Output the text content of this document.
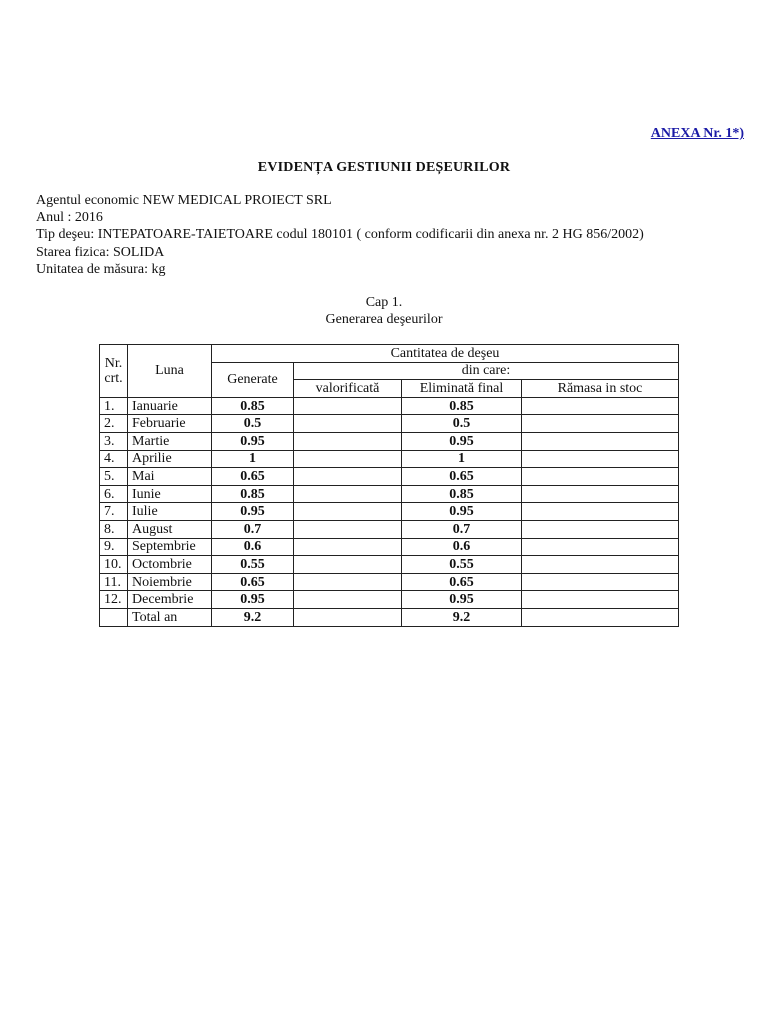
ANEXA Nr. 1*)
EVIDENȚA GESTIUNII DEȘEURILOR
Agentul economic NEW MEDICAL PROIECT SRL
Anul : 2016
Tip deşeu: INTEPATOARE-TAIETOARE codul 180101 ( conform codificarii din anexa nr. 2 HG 856/2002)
Starea fizica: SOLIDA
Unitatea de măsura: kg
Cap 1.
Generarea deşeurilor
Nr. crt.	Luna	Cantitatea de deşeu			
		Generate	din care:		
			valorificată	Eliminată final	Rămasa in stoc
1.	Ianuarie	0.85		0.85	
2.	Februarie	0.5		0.5	
3.	Martie	0.95		0.95	
4.	Aprilie	1		1	
5.	Mai	0.65		0.65	
6.	Iunie	0.85		0.85	
7.	Iulie	0.95		0.95	
8.	August	0.7		0.7	
9.	Septembrie	0.6		0.6	
10.	Octombrie	0.55		0.55	
11.	Noiembrie	0.65		0.65	
12.	Decembrie	0.95		0.95	
	Total an	9.2		9.2	
